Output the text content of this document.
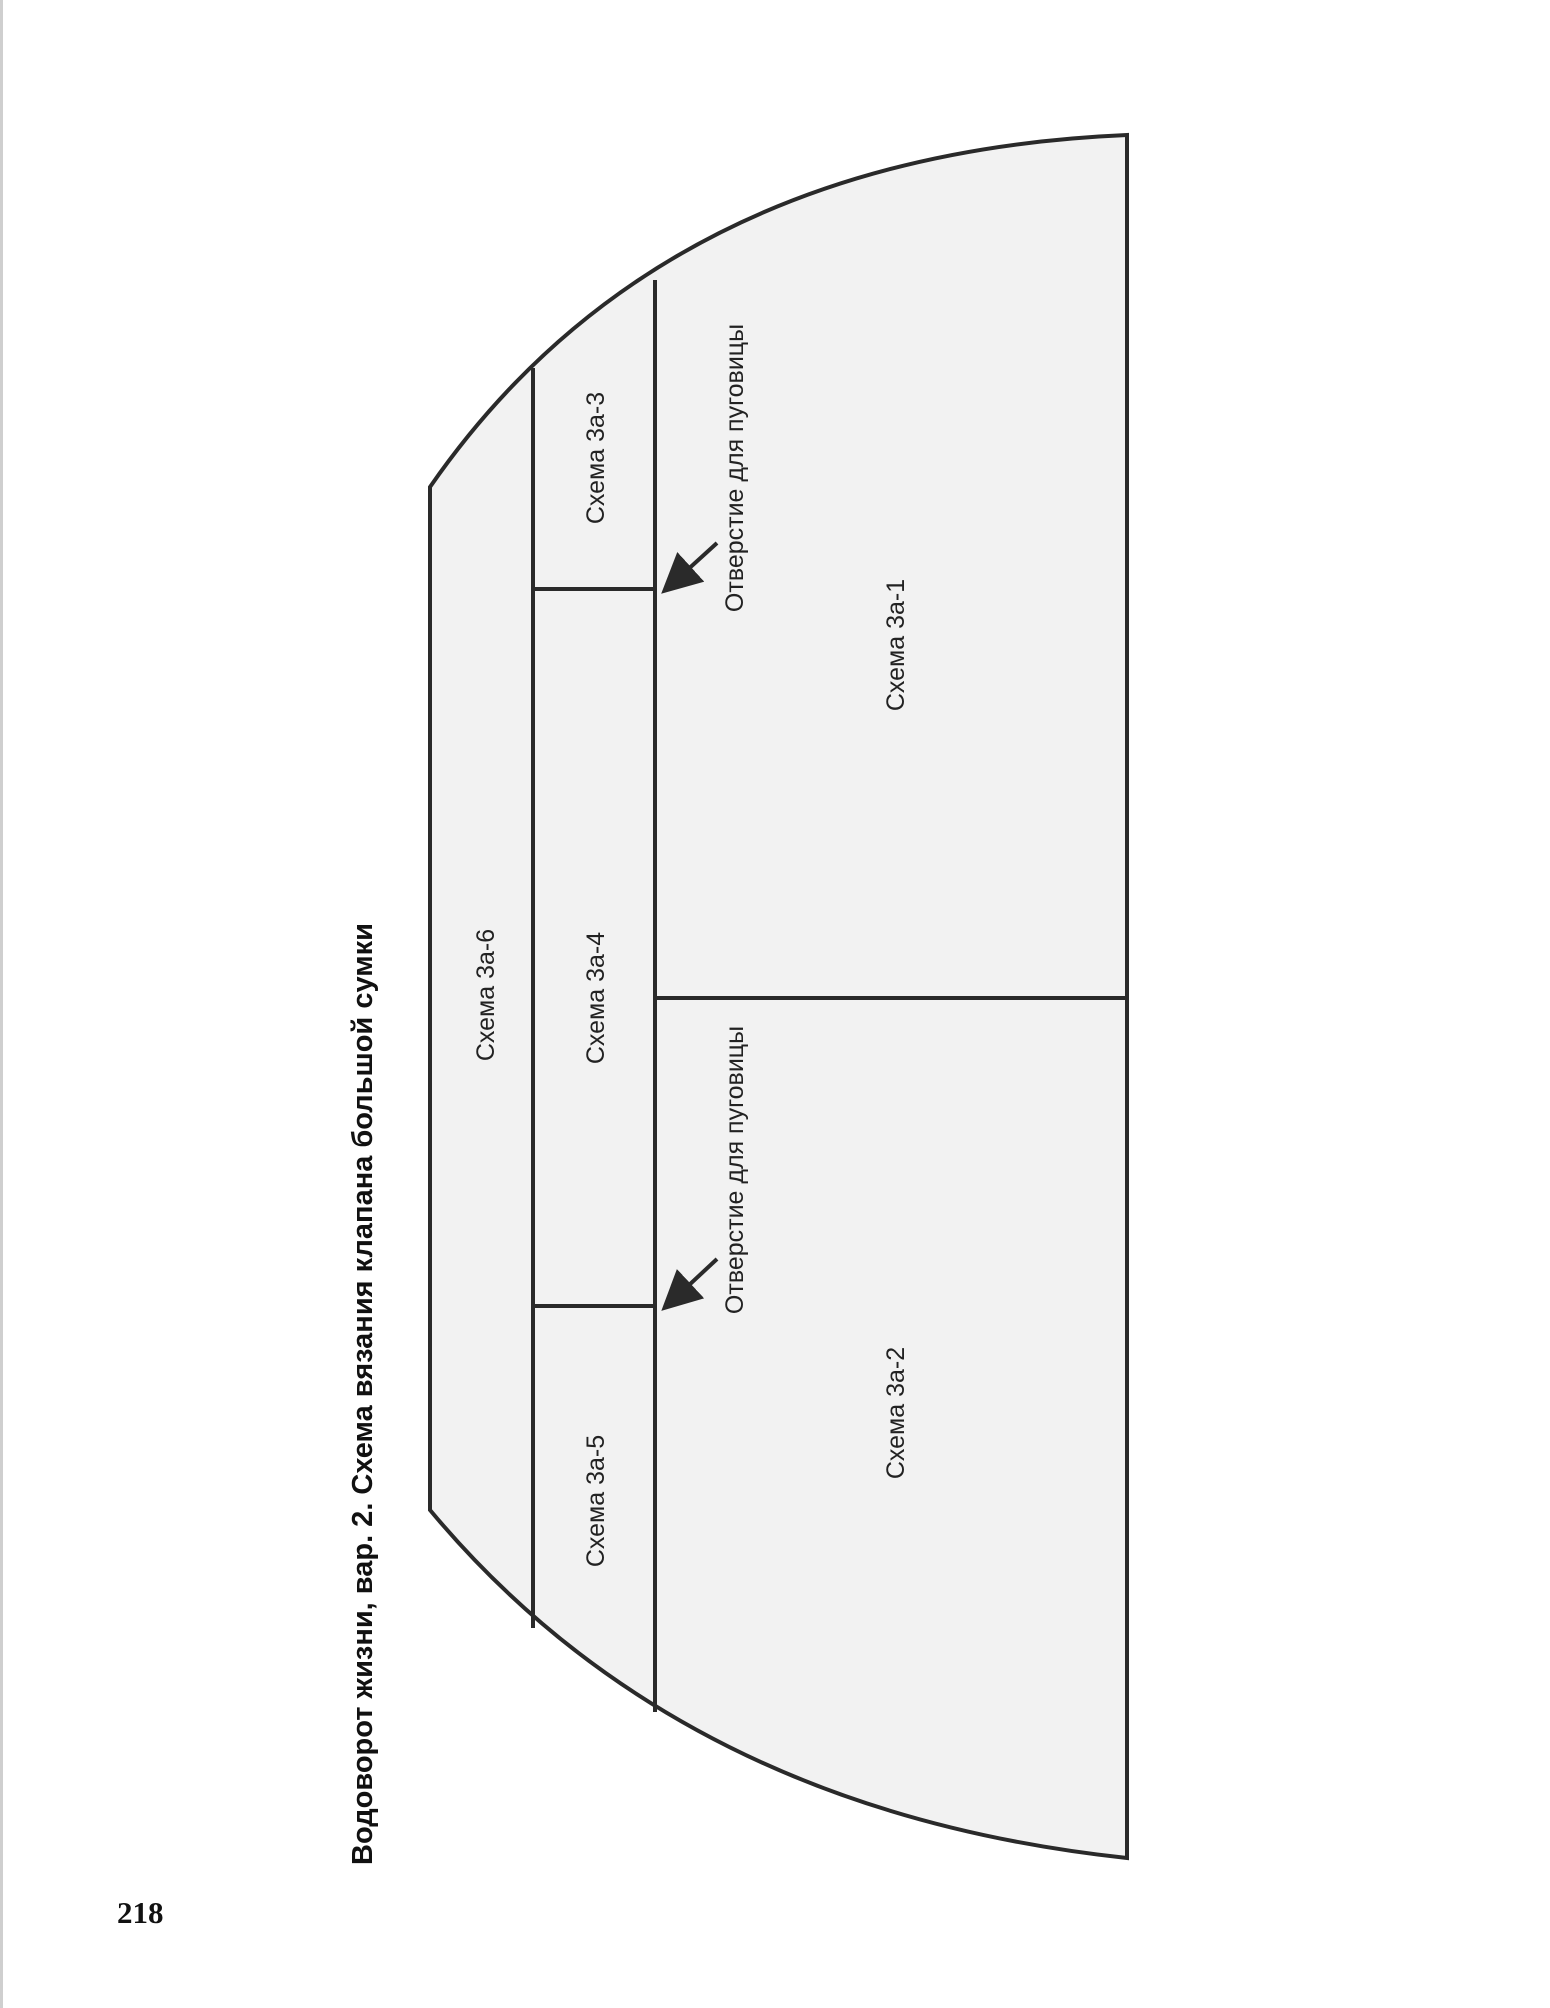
Водоворот жизни, вар. 2. Схема вязания клапана большой сумки
218
Схема 3а-6
Схема 3а-3
Схема 3а-4
Схема 3а-5
Схема 3а-1
Схема 3а-2
Отверстие для пуговицы
Отверстие для пуговицы
